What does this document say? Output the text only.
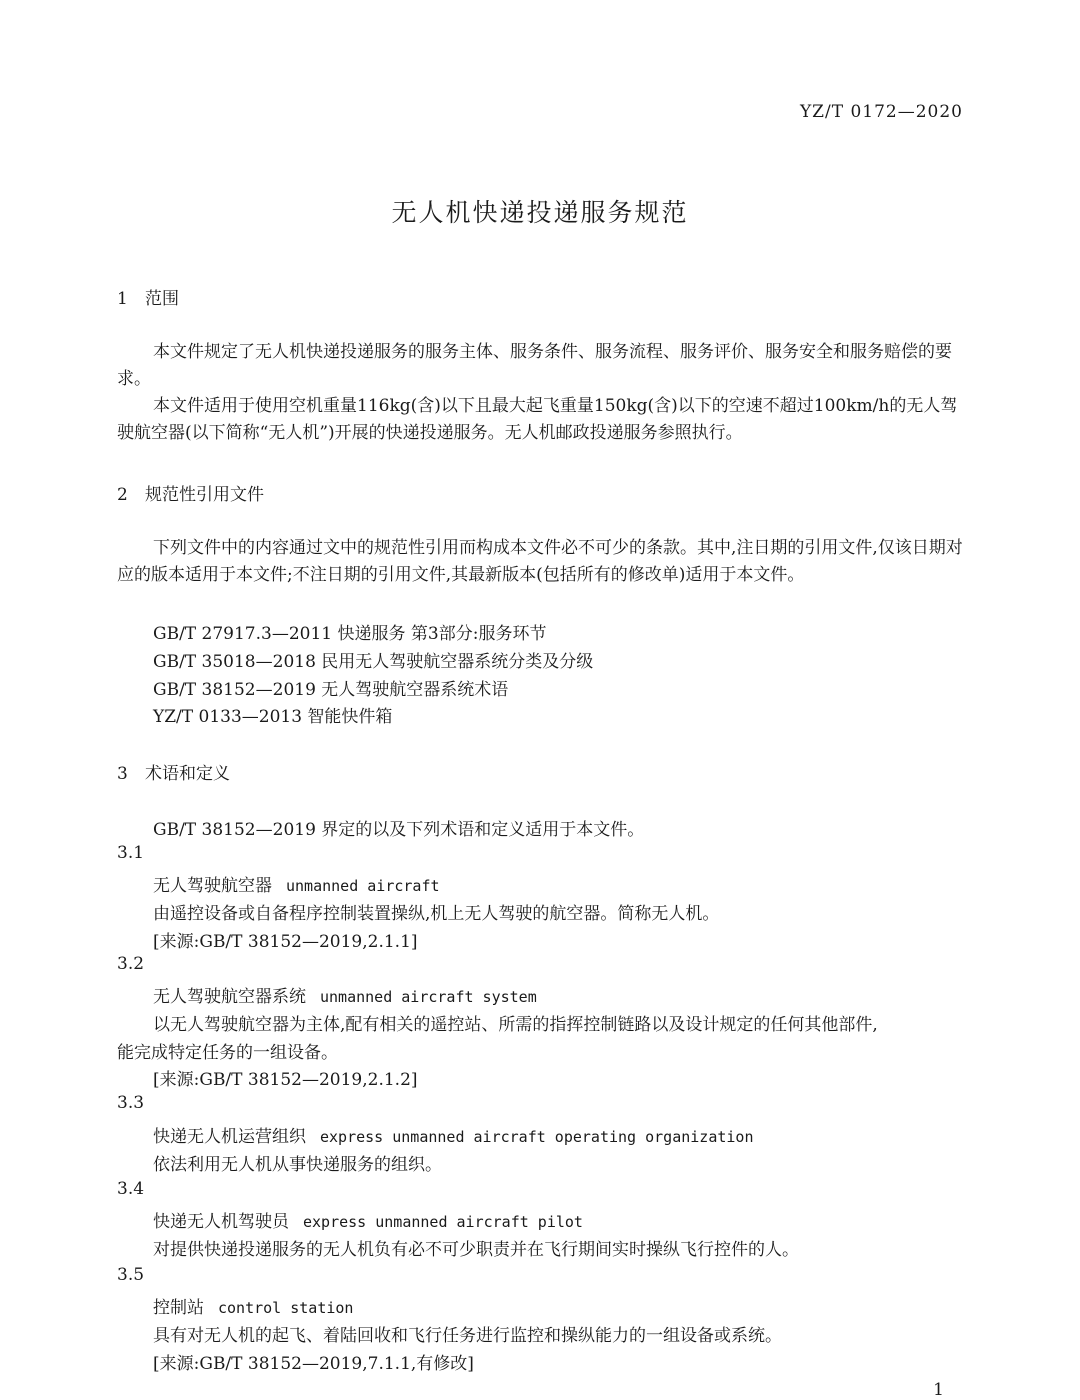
YZ/T 0172—2020
无人机快递投递服务规范
1 范围

本文件规定了无人机快递投递服务的服务主体、服务条件、服务流程、服务评价、服务安全和服务赔偿的要求。

本文件适用于使用空机重量116kg(含)以下且最大起飞重量150kg(含)以下的空速不超过100km/h的无人驾驶航空器(以下简称“无人机”)开展的快递投递服务。无人机邮政投递服务参照执行。

2 规范性引用文件

下列文件中的内容通过文中的规范性引用而构成本文件必不可少的条款。其中,注日期的引用文件,仅该日期对应的版本适用于本文件;不注日期的引用文件,其最新版本(包括所有的修改单)适用于本文件。

GB/T 27917.3—2011 快递服务 第3部分:服务环节
GB/T 35018—2018 民用无人驾驶航空器系统分类及分级
GB/T 38152—2019 无人驾驶航空器系统术语
YZ/T 0133—2013 智能快件箱
3 术语和定义
GB/T 38152—2019 界定的以及下列术语和定义适用于本文件。
3.1
无人驾驶航空器 unmanned aircraft
由遥控设备或自备程序控制装置操纵,机上无人驾驶的航空器。简称无人机。
[来源:GB/T 38152—2019,2.1.1]
3.2
无人驾驶航空器系统 unmanned aircraft system
以无人驾驶航空器为主体,配有相关的遥控站、所需的指挥控制链路以及设计规定的任何其他部件,
能完成特定任务的一组设备。
[来源:GB/T 38152—2019,2.1.2]
3.3
快递无人机运营组织 express unmanned aircraft operating organization
依法利用无人机从事快递服务的组织。
3.4
快递无人机驾驶员 express unmanned aircraft pilot
对提供快递投递服务的无人机负有必不可少职责并在飞行期间实时操纵飞行控件的人。
3.5
控制站 control station
具有对无人机的起飞、着陆回收和飞行任务进行监控和操纵能力的一组设备或系统。
[来源:GB/T 38152—2019,7.1.1,有修改]
1
